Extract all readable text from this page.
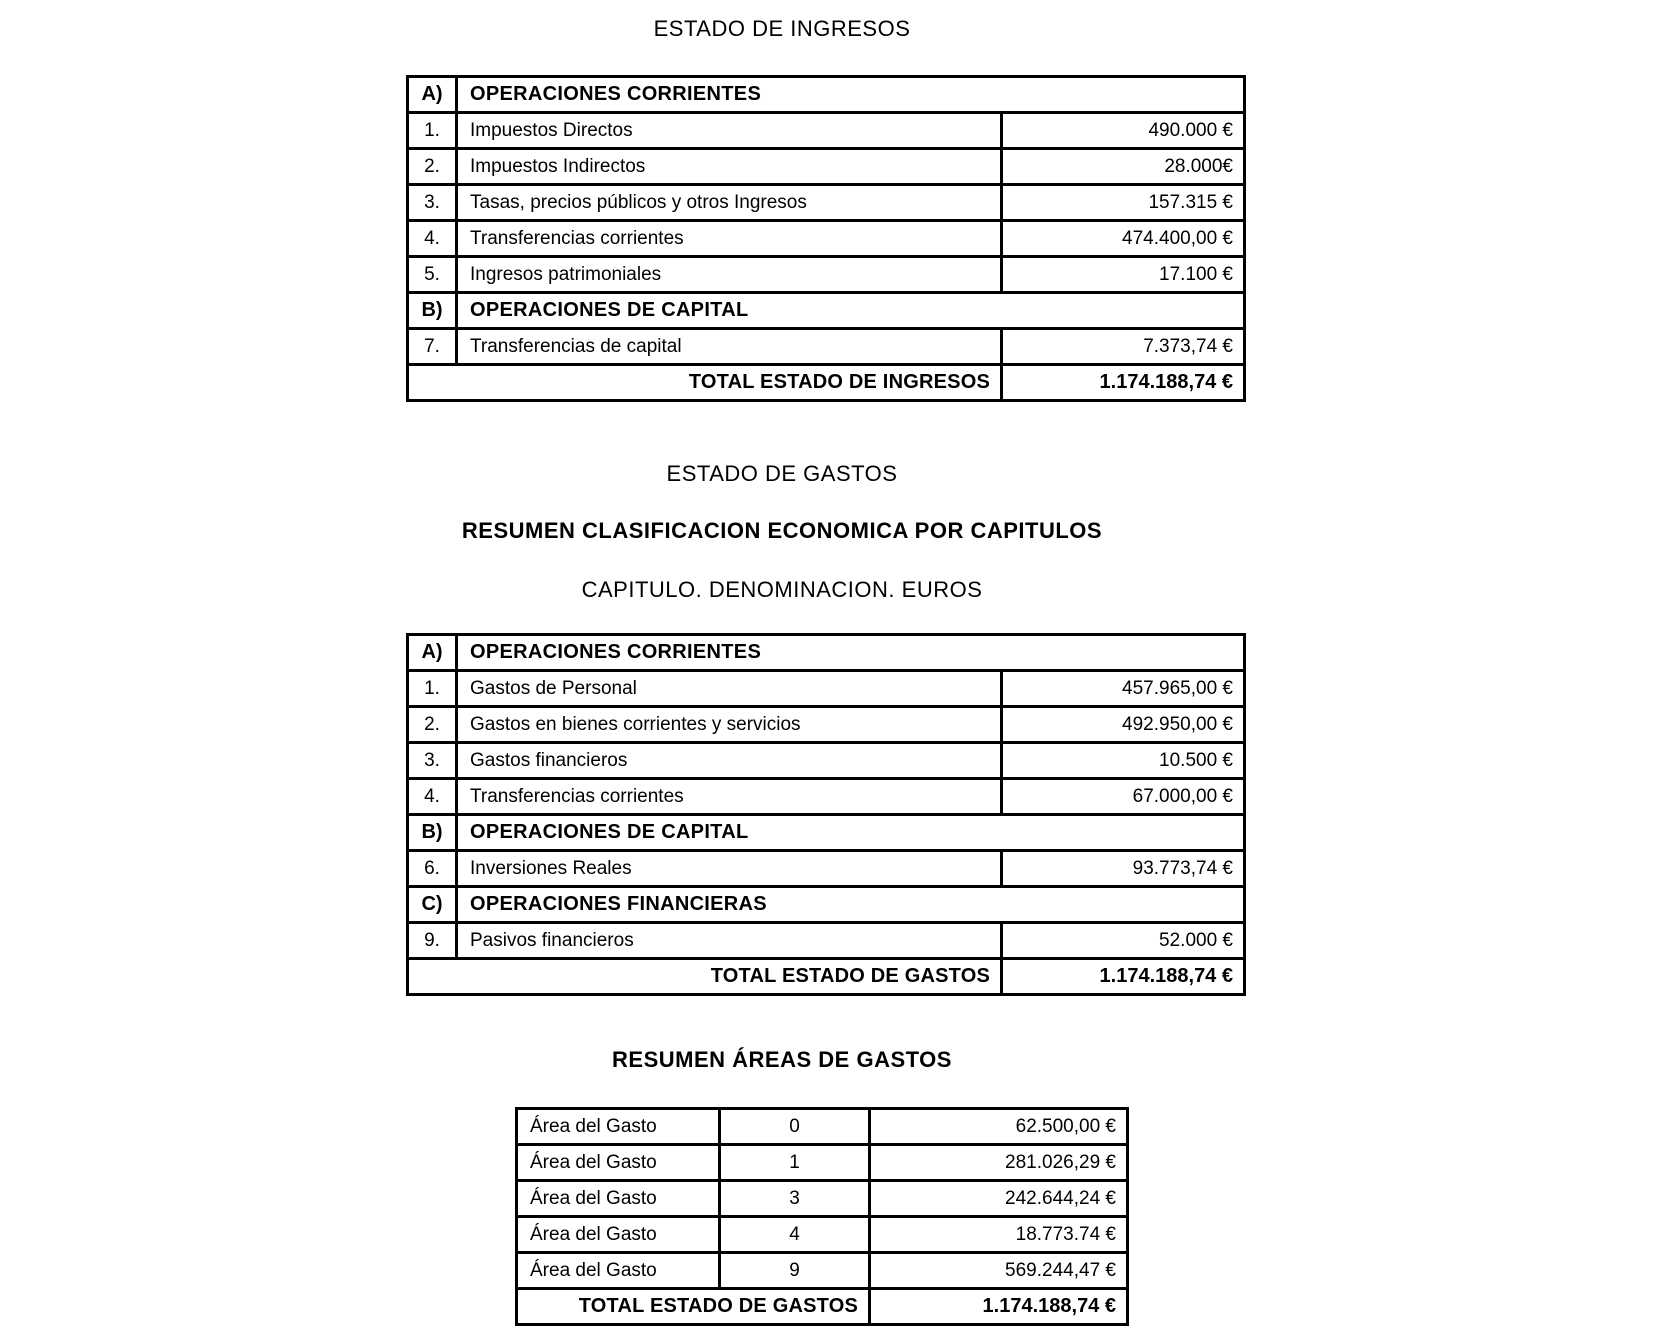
ESTADO DE INGRESOS
A)	OPERACIONES CORRIENTES	
1.	Impuestos Directos	490.000 €
2.	Impuestos Indirectos	28.000€
3.	Tasas, precios públicos y otros Ingresos	157.315 €
4.	Transferencias corrientes	474.400,00 €
5.	Ingresos patrimoniales	17.100 €
B)	OPERACIONES DE CAPITAL	
7.	Transferencias de capital	7.373,74 €
TOTAL ESTADO DE INGRESOS		1.174.188,74 €
ESTADO DE GASTOS
RESUMEN CLASIFICACION ECONOMICA POR CAPITULOS
CAPITULO. DENOMINACION. EUROS
A)	OPERACIONES CORRIENTES	
1.	Gastos de Personal	457.965,00 €
2.	Gastos en bienes corrientes y servicios	492.950,00 €
3.	Gastos financieros	10.500 €
4.	Transferencias corrientes	67.000,00 €
B)	OPERACIONES DE CAPITAL	
6.	Inversiones Reales	93.773,74 €
C)	OPERACIONES FINANCIERAS	
9.	Pasivos financieros	52.000 €
TOTAL ESTADO DE GASTOS		1.174.188,74 €
RESUMEN ÁREAS DE GASTOS
Área del Gasto	0	62.500,00 €
Área del Gasto	1	281.026,29 €
Área del Gasto	3	242.644,24 €
Área del Gasto	4	18.773.74 €
Área del Gasto	9	569.244,47 €
TOTAL ESTADO DE GASTOS		1.174.188,74 €
